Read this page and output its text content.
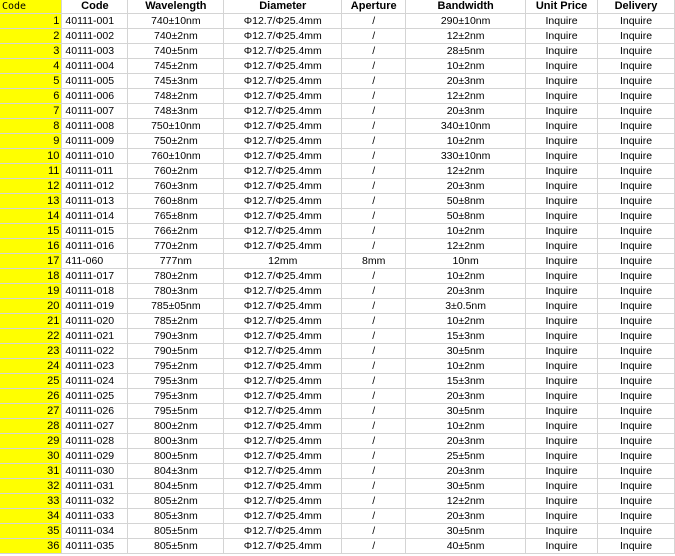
Code	Code	Wavelength	Diameter	Aperture	Bandwidth	Unit Price	Delivery
1	40111-001	740±10nm	Φ12.7/Φ25.4mm	/	290±10nm	Inquire	Inquire
2	40111-002	740±2nm	Φ12.7/Φ25.4mm	/	12±2nm	Inquire	Inquire
3	40111-003	740±5nm	Φ12.7/Φ25.4mm	/	28±5nm	Inquire	Inquire
4	40111-004	745±2nm	Φ12.7/Φ25.4mm	/	10±2nm	Inquire	Inquire
5	40111-005	745±3nm	Φ12.7/Φ25.4mm	/	20±3nm	Inquire	Inquire
6	40111-006	748±2nm	Φ12.7/Φ25.4mm	/	12±2nm	Inquire	Inquire
7	40111-007	748±3nm	Φ12.7/Φ25.4mm	/	20±3nm	Inquire	Inquire
8	40111-008	750±10nm	Φ12.7/Φ25.4mm	/	340±10nm	Inquire	Inquire
9	40111-009	750±2nm	Φ12.7/Φ25.4mm	/	10±2nm	Inquire	Inquire
10	40111-010	760±10nm	Φ12.7/Φ25.4mm	/	330±10nm	Inquire	Inquire
11	40111-011	760±2nm	Φ12.7/Φ25.4mm	/	12±2nm	Inquire	Inquire
12	40111-012	760±3nm	Φ12.7/Φ25.4mm	/	20±3nm	Inquire	Inquire
13	40111-013	760±8nm	Φ12.7/Φ25.4mm	/	50±8nm	Inquire	Inquire
14	40111-014	765±8nm	Φ12.7/Φ25.4mm	/	50±8nm	Inquire	Inquire
15	40111-015	766±2nm	Φ12.7/Φ25.4mm	/	10±2nm	Inquire	Inquire
16	40111-016	770±2nm	Φ12.7/Φ25.4mm	/	12±2nm	Inquire	Inquire
17	411-060	777nm	12mm	8mm	10nm	Inquire	Inquire
18	40111-017	780±2nm	Φ12.7/Φ25.4mm	/	10±2nm	Inquire	Inquire
19	40111-018	780±3nm	Φ12.7/Φ25.4mm	/	20±3nm	Inquire	Inquire
20	40111-019	785±05nm	Φ12.7/Φ25.4mm	/	3±0.5nm	Inquire	Inquire
21	40111-020	785±2nm	Φ12.7/Φ25.4mm	/	10±2nm	Inquire	Inquire
22	40111-021	790±3nm	Φ12.7/Φ25.4mm	/	15±3nm	Inquire	Inquire
23	40111-022	790±5nm	Φ12.7/Φ25.4mm	/	30±5nm	Inquire	Inquire
24	40111-023	795±2nm	Φ12.7/Φ25.4mm	/	10±2nm	Inquire	Inquire
25	40111-024	795±3nm	Φ12.7/Φ25.4mm	/	15±3nm	Inquire	Inquire
26	40111-025	795±3nm	Φ12.7/Φ25.4mm	/	20±3nm	Inquire	Inquire
27	40111-026	795±5nm	Φ12.7/Φ25.4mm	/	30±5nm	Inquire	Inquire
28	40111-027	800±2nm	Φ12.7/Φ25.4mm	/	10±2nm	Inquire	Inquire
29	40111-028	800±3nm	Φ12.7/Φ25.4mm	/	20±3nm	Inquire	Inquire
30	40111-029	800±5nm	Φ12.7/Φ25.4mm	/	25±5nm	Inquire	Inquire
31	40111-030	804±3nm	Φ12.7/Φ25.4mm	/	20±3nm	Inquire	Inquire
32	40111-031	804±5nm	Φ12.7/Φ25.4mm	/	30±5nm	Inquire	Inquire
33	40111-032	805±2nm	Φ12.7/Φ25.4mm	/	12±2nm	Inquire	Inquire
34	40111-033	805±3nm	Φ12.7/Φ25.4mm	/	20±3nm	Inquire	Inquire
35	40111-034	805±5nm	Φ12.7/Φ25.4mm	/	30±5nm	Inquire	Inquire
36	40111-035	805±5nm	Φ12.7/Φ25.4mm	/	40±5nm	Inquire	Inquire
